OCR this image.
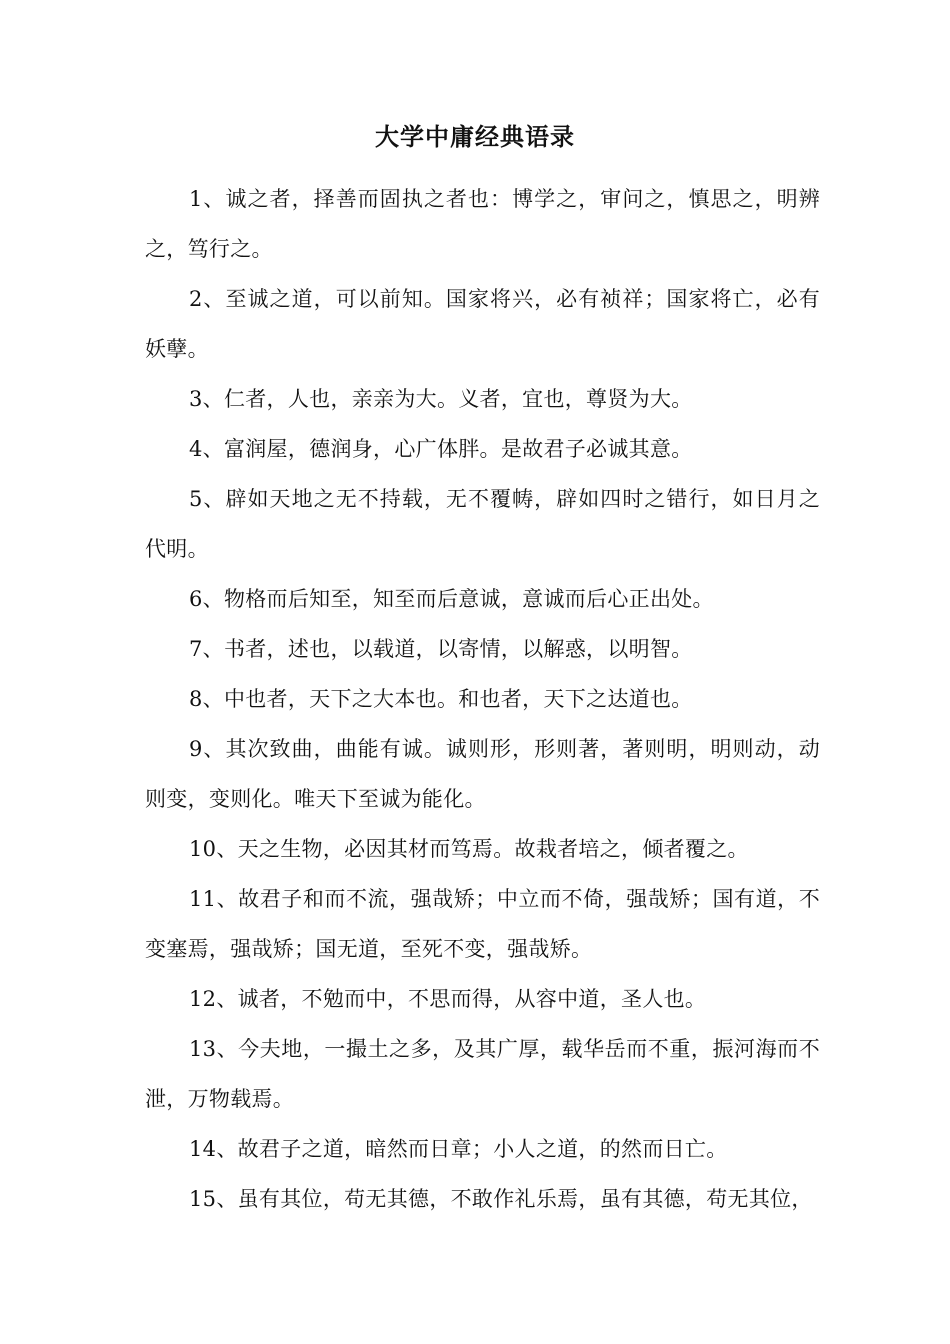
大学中庸经典语录

1、诚之者，择善而固执之者也：博学之，审问之，慎思之，明辨之，笃行之。

2、至诚之道，可以前知。国家将兴，必有祯祥；国家将亡，必有妖孽。

3、仁者，人也，亲亲为大。义者，宜也，尊贤为大。

4、富润屋，德润身，心广体胖。是故君子必诚其意。

5、辟如天地之无不持载，无不覆帱，辟如四时之错行，如日月之代明。

6、物格而后知至，知至而后意诚，意诚而后心正出处。

7、书者，述也，以载道，以寄情，以解惑，以明智。

8、中也者，天下之大本也。和也者，天下之达道也。

9、其次致曲，曲能有诚。诚则形，形则著，著则明，明则动，动则变，变则化。唯天下至诚为能化。

10、天之生物，必因其材而笃焉。故栽者培之，倾者覆之。

11、故君子和而不流，强哉矫；中立而不倚，强哉矫；国有道，不变塞焉，强哉矫；国无道，至死不变，强哉矫。

12、诚者，不勉而中，不思而得，从容中道，圣人也。

13、今夫地，一撮土之多，及其广厚，载华岳而不重，振河海而不泄，万物载焉。

14、故君子之道，暗然而日章；小人之道，的然而日亡。

15、虽有其位，苟无其德，不敢作礼乐焉，虽有其德，苟无其位，
